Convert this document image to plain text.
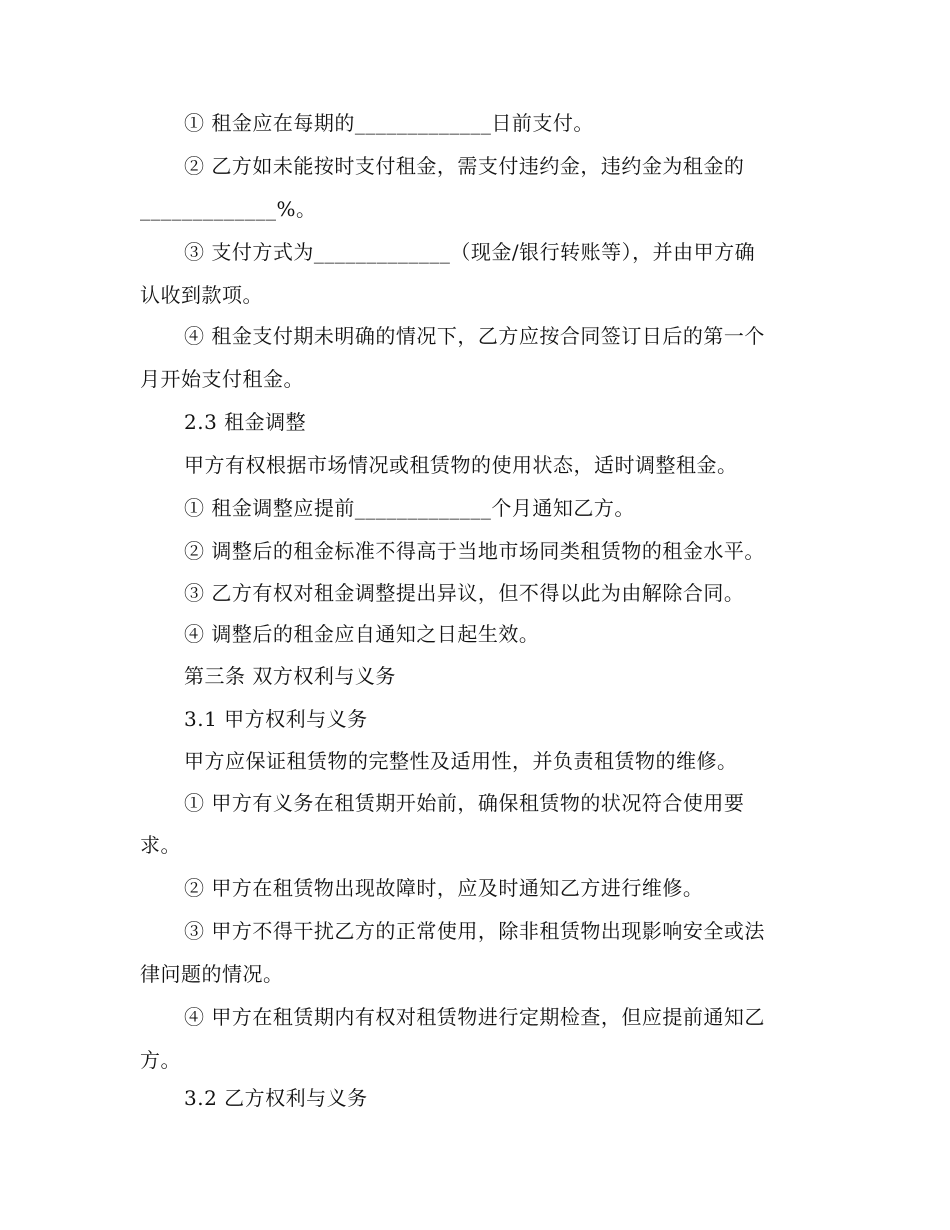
① 租金应在每期的_____________日前支付。
② 乙方如未能按时支付租金，需支付违约金，违约金为租金的
_____________%。
③ 支付方式为_____________（现金/银行转账等），并由甲方确
认收到款项。
④ 租金支付期未明确的情况下，乙方应按合同签订日后的第一个
月开始支付租金。
2.3 租金调整
甲方有权根据市场情况或租赁物的使用状态，适时调整租金。
① 租金调整应提前_____________个月通知乙方。
② 调整后的租金标准不得高于当地市场同类租赁物的租金水平。
③ 乙方有权对租金调整提出异议，但不得以此为由解除合同。
④ 调整后的租金应自通知之日起生效。
第三条 双方权利与义务
3.1 甲方权利与义务
甲方应保证租赁物的完整性及适用性，并负责租赁物的维修。
① 甲方有义务在租赁期开始前，确保租赁物的状况符合使用要
求。
② 甲方在租赁物出现故障时，应及时通知乙方进行维修。
③ 甲方不得干扰乙方的正常使用，除非租赁物出现影响安全或法
律问题的情况。
④ 甲方在租赁期内有权对租赁物进行定期检查，但应提前通知乙
方。
3.2 乙方权利与义务
